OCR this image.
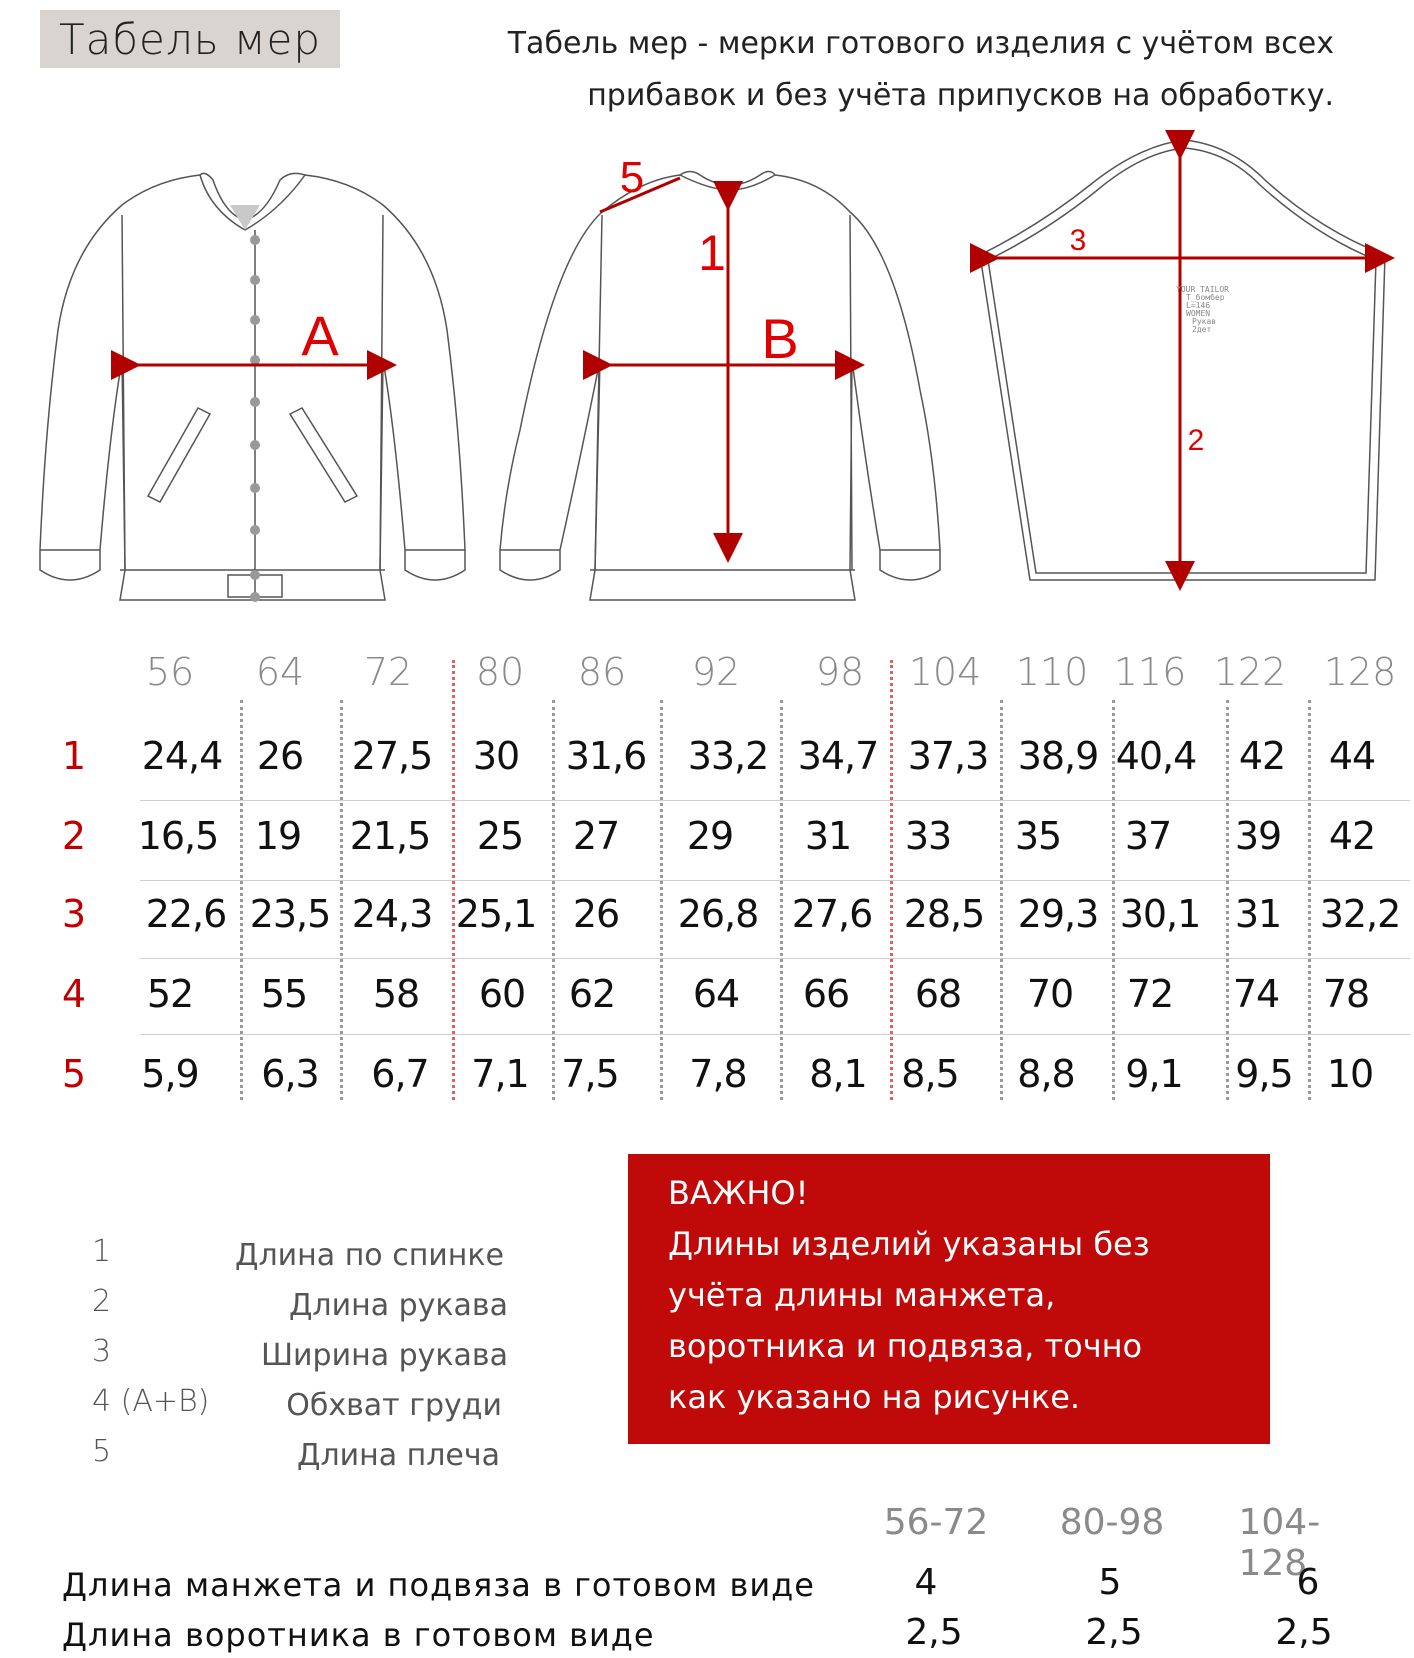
Табель мер	Табель мер - мерки готового изделия с учётом всех
прибавок и без учёта припусков на обработку.
A	B
1
5
3
2
YOUR TAILOR
Т_бомбер
L=146
WOMEN
Рукав
2дет
56 64 72 80 86 92 98 104 110 116 122 128
1 24,4 26 27,5 30 31,6 33,2 34,7 37,3 38,9 40,4 42 44
2 16,5 19 21,5 25 27 29 31 33 35 37 39 42
3 22,6 23,5 24,3 25,1 26 26,8 27,6 28,5 29,3 30,1 31 32,2
4 52 55 58 60 62 64 66 68 70 72 74 78
5 5,9 6,3 6,7 7,1 7,5 7,8 8,1 8,5 8,8 9,1 9,5 10
1	Длина по спинке
2	Длина рукава
3	Ширина рукава
4 (A+B)	Обхват груди
5	Длина плеча
ВАЖНО!
Длины изделий указаны без
учёта длины манжета,
воротника и подвяза, точно
как указано на рисунке.
56-72 80-98 104-128
Длина манжета и подвяза в готовом виде	4	5	6
Длина воротника в готовом виде	2,5	2,5	2,5
